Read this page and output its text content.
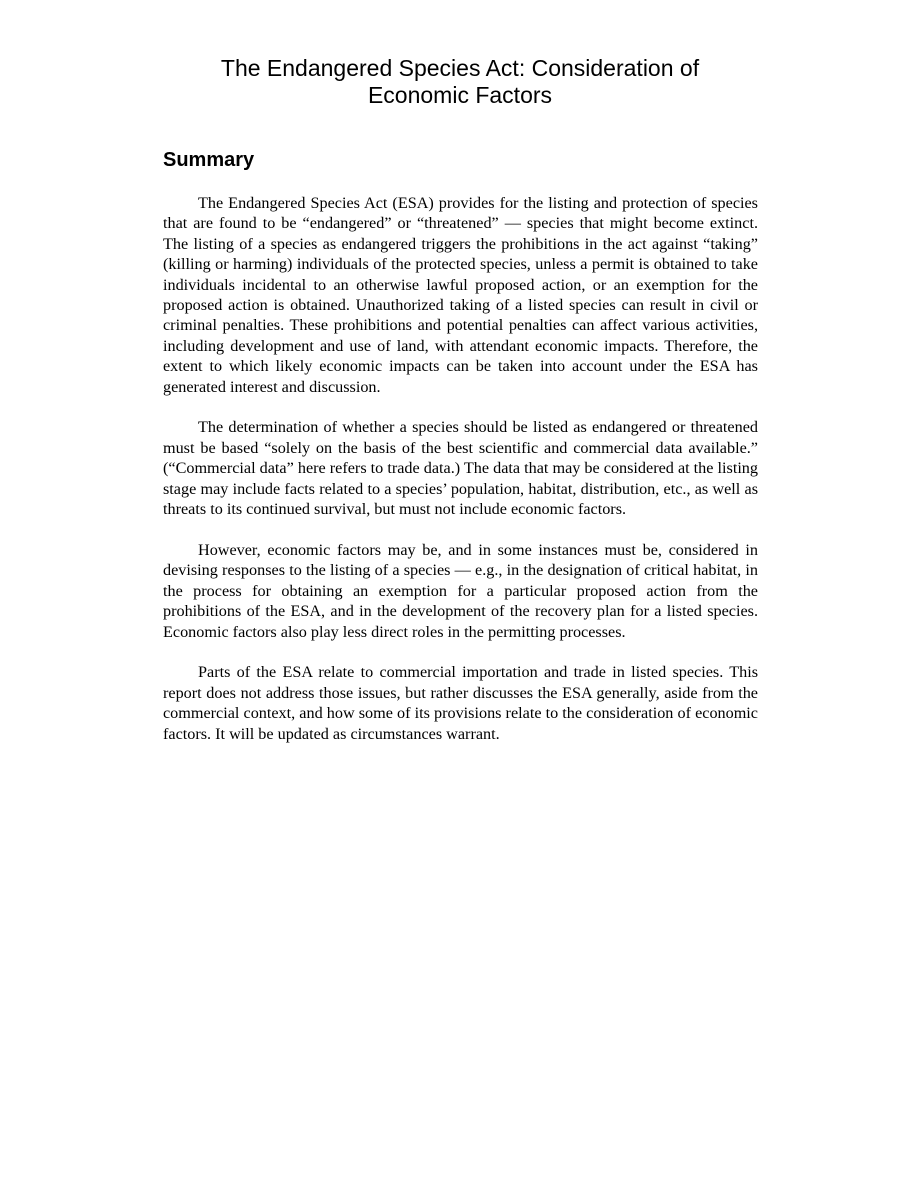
The Endangered Species Act: Consideration of
Economic Factors
Summary

The Endangered Species Act (ESA) provides for the listing and protection of species that are found to be “endangered” or “threatened” — species that might become extinct. The listing of a species as endangered triggers the prohibitions in the act against “taking” (killing or harming) individuals of the protected species, unless a permit is obtained to take individuals incidental to an otherwise lawful proposed action, or an exemption for the proposed action is obtained. Unauthorized taking of a listed species can result in civil or criminal penalties. These prohibitions and potential penalties can affect various activities, including development and use of land, with attendant economic impacts. Therefore, the extent to which likely economic impacts can be taken into account under the ESA has generated interest and discussion.

The determination of whether a species should be listed as endangered or threatened must be based “solely on the basis of the best scientific and commercial data available.” (“Commercial data” here refers to trade data.) The data that may be considered at the listing stage may include facts related to a species’ population, habitat, distribution, etc., as well as threats to its continued survival, but must not include economic factors.

However, economic factors may be, and in some instances must be, considered in devising responses to the listing of a species — e.g., in the designation of critical habitat, in the process for obtaining an exemption for a particular proposed action from the prohibitions of the ESA, and in the development of the recovery plan for a listed species. Economic factors also play less direct roles in the permitting processes.

Parts of the ESA relate to commercial importation and trade in listed species. This report does not address those issues, but rather discusses the ESA generally, aside from the commercial context, and how some of its provisions relate to the consideration of economic factors. It will be updated as circumstances warrant.
